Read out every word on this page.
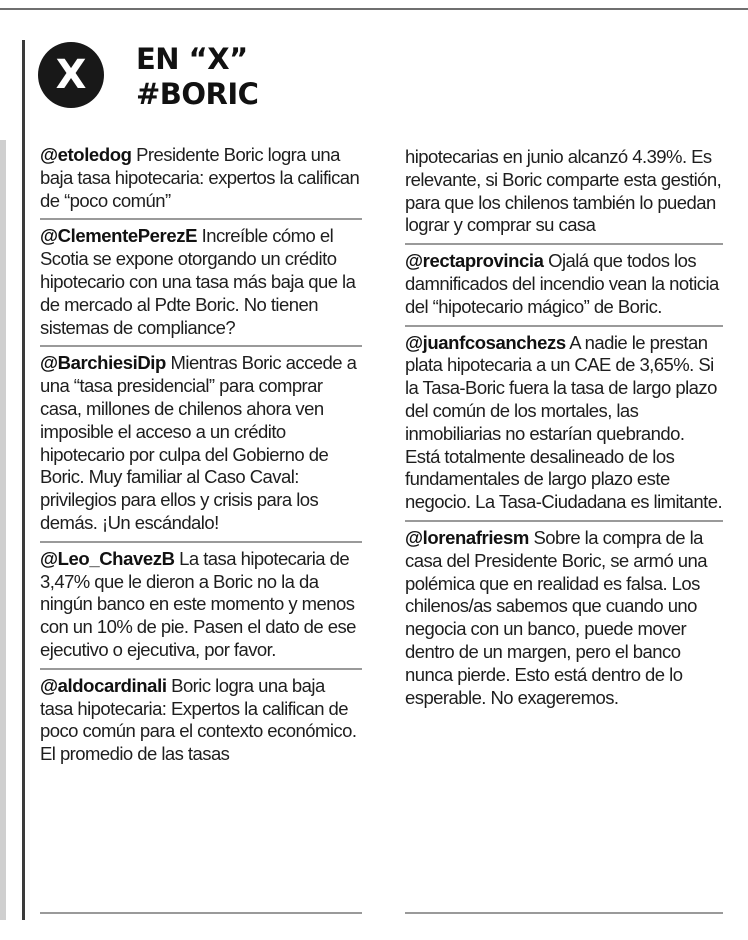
X	EN “X”
#BORIC
@etoledog Presidente Boric logra una baja tasa hipotecaria: expertos la califican de “poco común”
@ClementePerezE Increíble cómo el Scotia se expone otorgando un crédito hipotecario con una tasa más baja que la de mercado al Pdte Boric. No tienen sistemas de compliance?
@BarchiesiDip Mientras Boric accede a una “tasa presidencial” para comprar casa, millones de chilenos ahora ven imposible el acceso a un crédito hipotecario por culpa del Gobierno de Boric. Muy familiar al Caso Caval: privilegios para ellos y crisis para los demás. ¡Un escándalo!
@Leo_ChavezB La tasa hipotecaria de 3,47% que le dieron a Boric no la da ningún banco en este momento y menos con un 10% de pie. Pasen el dato de ese ejecutivo o ejecutiva, por favor.
@aldocardinali Boric logra una baja tasa hipotecaria: Expertos la califican de poco común para el contexto económico. El promedio de las tasas
hipotecarias en junio alcanzó 4.39%. Es relevante, si Boric comparte esta gestión, para que los chilenos también lo puedan lograr y comprar su casa
@rectaprovincia Ojalá que todos los damnificados del incendio vean la noticia del “hipotecario mágico” de Boric.
@juanfcosanchezs A nadie le prestan plata hipotecaria a un CAE de 3,65%. Si la Tasa-Boric fuera la tasa de largo plazo del común de los mortales, las inmobiliarias no estarían quebrando. Está totalmente desalineado de los fundamentales de largo plazo este negocio. La Tasa-Ciudadana es limitante.
@lorenafriesm Sobre la compra de la casa del Presidente Boric, se armó una polémica que en realidad es falsa. Los chilenos/as sabemos que cuando uno negocia con un banco, puede mover dentro de un margen, pero el banco nunca pierde. Esto está dentro de lo esperable. No exageremos.
